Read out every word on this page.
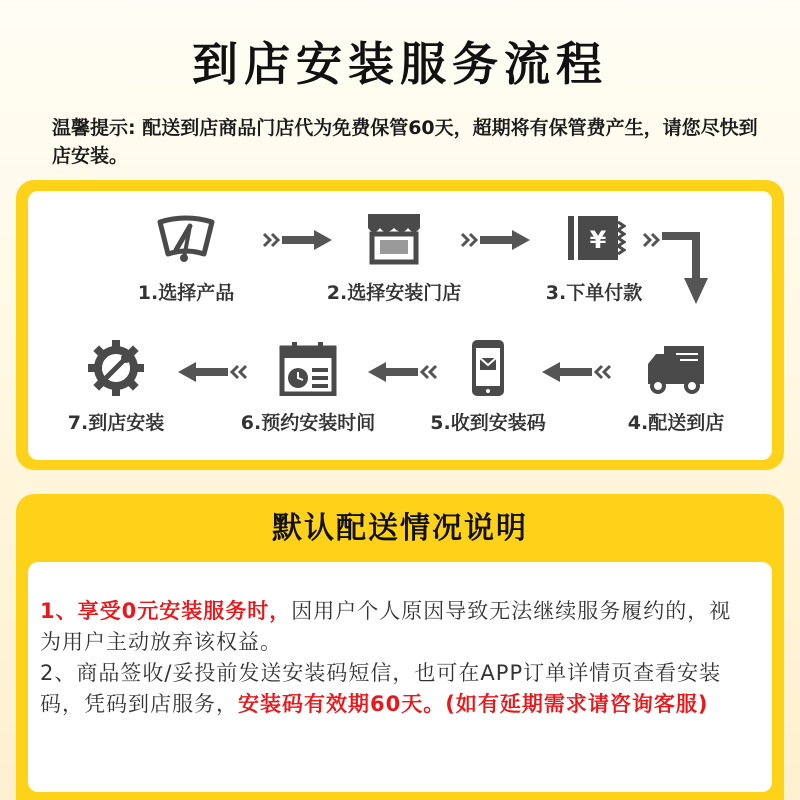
到店安装服务流程
温馨提示: 配送到店商品门店代为免费保管60天，超期将有保管费产生，请您尽快到店安装。
1.选择产品	2.选择安装门店
¥
3.下单付款
4.配送到店
5.收到安装码
6.预约安装时间
7.到店安装
默认配送情况说明
1、享受0元安装服务时，因用户个人原因导致无法继续服务履约的，视为用户主动放弃该权益。
2、商品签收/妥投前发送安装码短信，也可在APP订单详情页查看安装码，凭码到店服务，安装码有效期60天。(如有延期需求请咨询客服)
